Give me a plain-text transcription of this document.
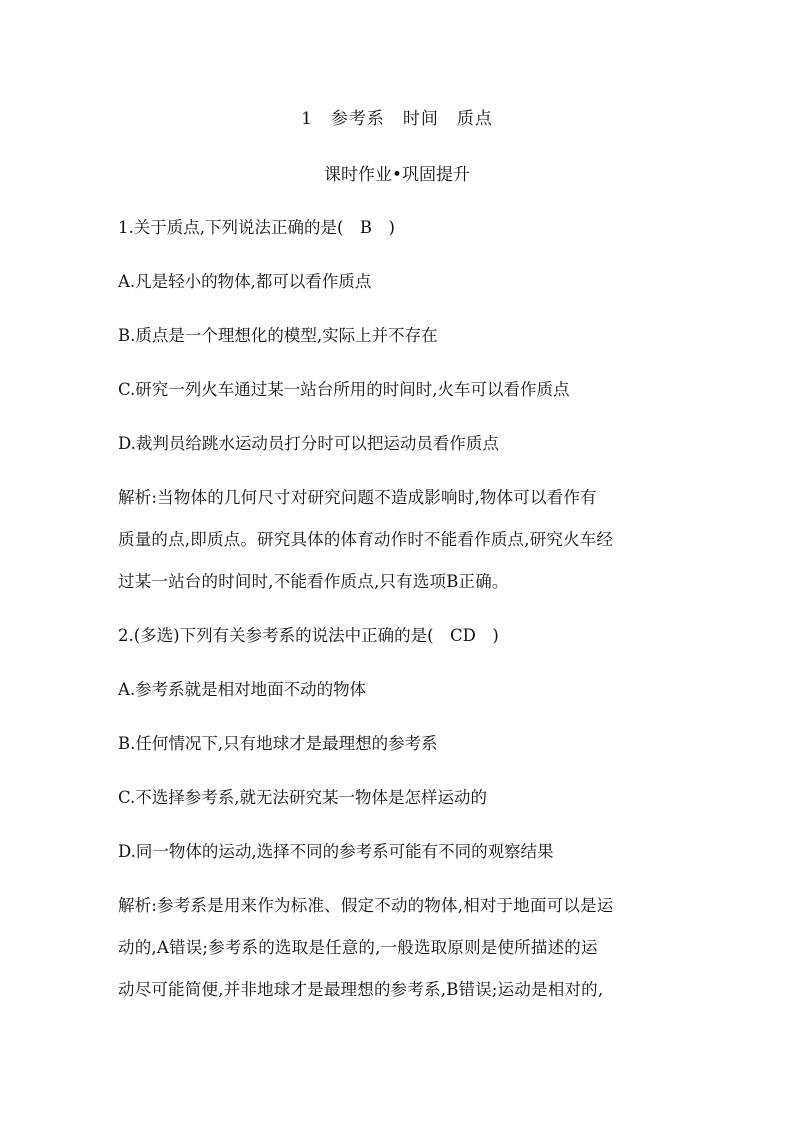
1　参考系　时间　质点
课时作业•巩固提升
1.关于质点,下列说法正确的是(　B　)
A.凡是轻小的物体,都可以看作质点
B.质点是一个理想化的模型,实际上并不存在
C.研究一列火车通过某一站台所用的时间时,火车可以看作质点
D.裁判员给跳水运动员打分时可以把运动员看作质点
解析:当物体的几何尺寸对研究问题不造成影响时,物体可以看作有
质量的点,即质点。研究具体的体育动作时不能看作质点,研究火车经
过某一站台的时间时,不能看作质点,只有选项B正确。
2.(多选)下列有关参考系的说法中正确的是(　CD　)
A.参考系就是相对地面不动的物体
B.任何情况下,只有地球才是最理想的参考系
C.不选择参考系,就无法研究某一物体是怎样运动的
D.同一物体的运动,选择不同的参考系可能有不同的观察结果
解析:参考系是用来作为标准、假定不动的物体,相对于地面可以是运
动的,A错误;参考系的选取是任意的,一般选取原则是使所描述的运
动尽可能简便,并非地球才是最理想的参考系,B错误;运动是相对的,
